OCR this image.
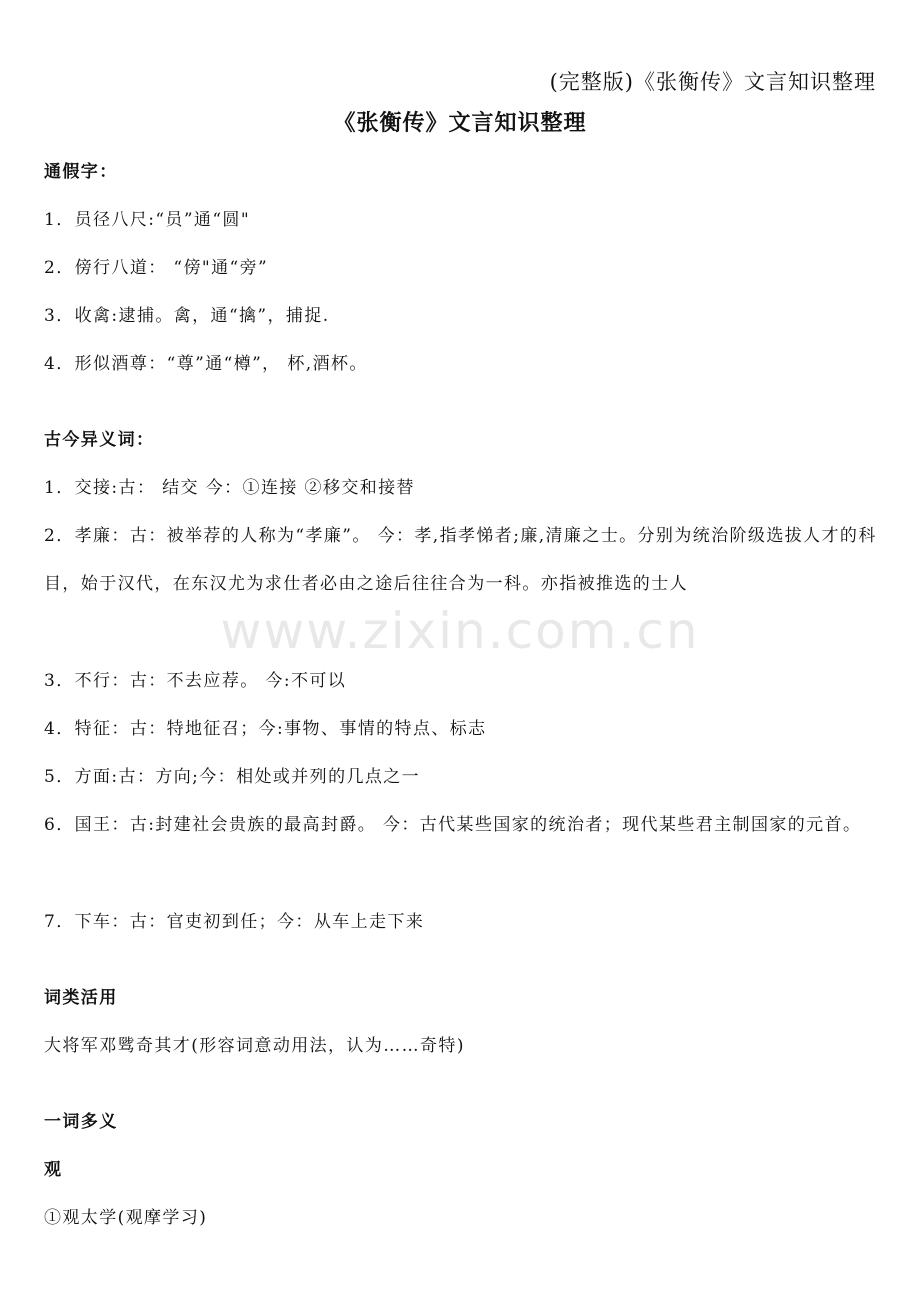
(完整版)《张衡传》文言知识整理
《张衡传》文言知识整理
通假字：
1．员径八尺:“员”通“圆"
2．傍行八道： “傍"通“旁”
3．收禽:逮捕。禽，通“擒”，捕捉.
4．形似酒尊：“尊”通“樽”， 杯,酒杯。
古今异义词：
1．交接:古： 结交 今：①连接 ②移交和接替
2．孝廉：古：被举荐的人称为“孝廉”。 今：孝,指孝悌者;廉,清廉之士。分别为统治阶级选拔人才的科目，始于汉代，在东汉尤为求仕者必由之途后往往合为一科。亦指被推选的士人
3．不行：古：不去应荐。 今:不可以
4．特征：古：特地征召；今:事物、事情的特点、标志
5．方面:古：方向;今：相处或并列的几点之一
6．国王：古:封建社会贵族的最高封爵。 今：古代某些国家的统治者；现代某些君主制国家的元首。
7．下车：古：官吏初到任；今：从车上走下来
词类活用
大将军邓骘奇其才(形容词意动用法，认为……奇特)
一词多义
观
①观太学(观摩学习)
www.zixin.com.cn
